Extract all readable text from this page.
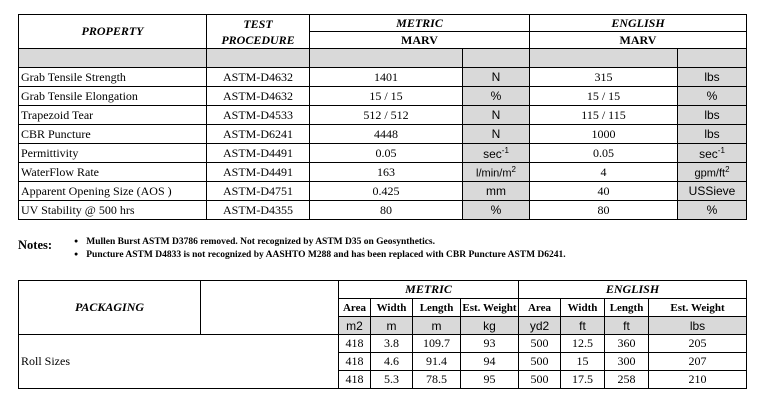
PROPERTY	TEST
PROCEDURE	METRIC		ENGLISH	
		MARV		MARV	

Grab Tensile Strength	ASTM-D4632	1401	N	315	lbs
Grab Tensile Elongation	ASTM-D4632	15 / 15	%	15 / 15	%
Trapezoid Tear	ASTM-D4533	512 / 512	N	115 / 115	lbs
CBR Puncture	ASTM-D6241	4448	N	1000	lbs
Permittivity	ASTM-D4491	0.05	$\sec^{-1}$	0.05	$\sec^{-1}$
WaterFlow Rate	ASTM-D4491	163	$l/\min/m^2$	4	gpm/$ft^2$
Apparent Opening Size (AOS )	ASTM-D4751	0.425	mm	40	USSieve
UV Stability @ 500 hrs	ASTM-D4355	80	%	80	%
Notes:	● Mullen Burst ASTM D3786 removed. Not recognized by ASTM D35 on Geosynthetics.
● Puncture ASTM D4833 is not recognized by AASHTO M288 and has been replaced with CBR Puncture ASTM D6241.
PACKAGING		METRIC				ENGLISH			
		Area	Width	Length	Est. Weight	Area	Width	Length	Est. Weight
		m2	m	m	kg	yd2	ft	ft	lbs
Roll Sizes		418	3.8	109.7	93	500	12.5	360	205
		418	4.6	91.4	94	500	15	300	207
		418	5.3	78.5	95	500	17.5	258	210
